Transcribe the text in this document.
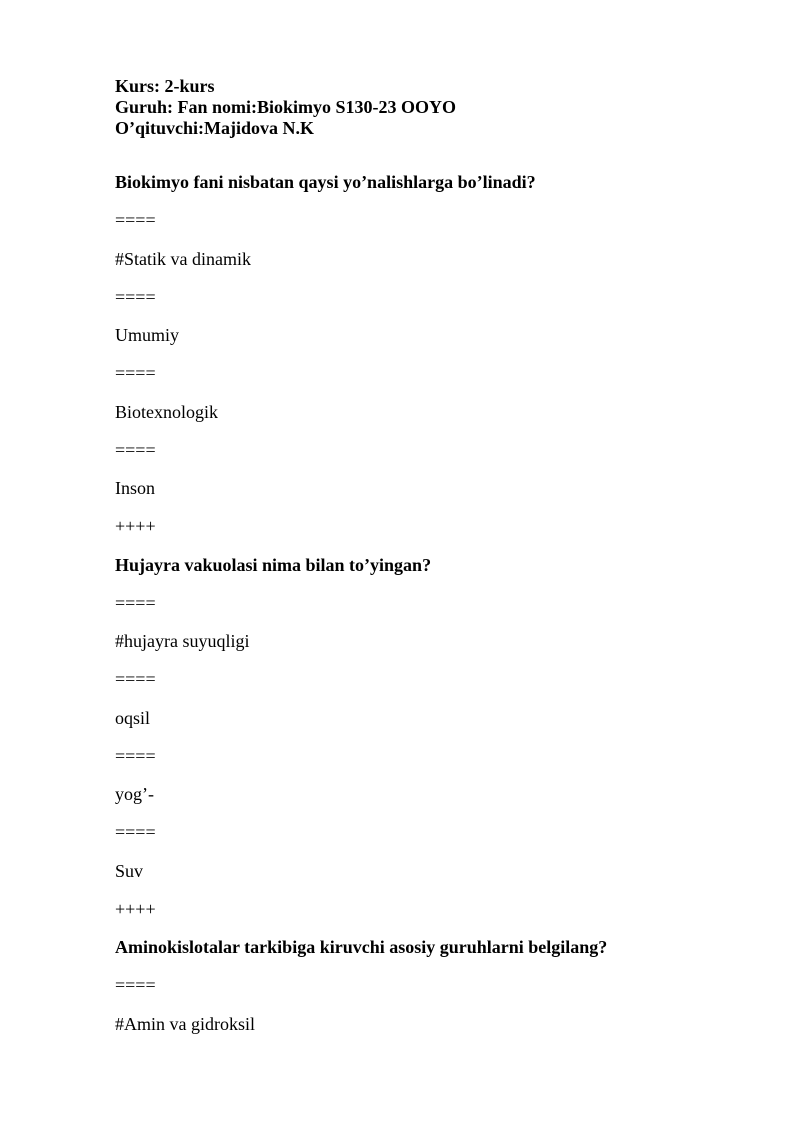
Kurs: 2-kurs
Guruh: Fan nomi:Biokimyo S130-23 OOYO
O’qituvchi:Majidova N.K
Biokimyo fani nisbatan qaysi yo’nalishlarga bo’linadi?
====
#Statik va dinamik
====
Umumiy
====
Biotexnologik
====
Inson
++++
Hujayra vakuolasi nima bilan to’yingan?
====
#hujayra suyuqligi
====
oqsil
====
yog’-
====
Suv
++++
Aminokislotalar tarkibiga kiruvchi asosiy guruhlarni belgilang?
====
#Amin va gidroksil
